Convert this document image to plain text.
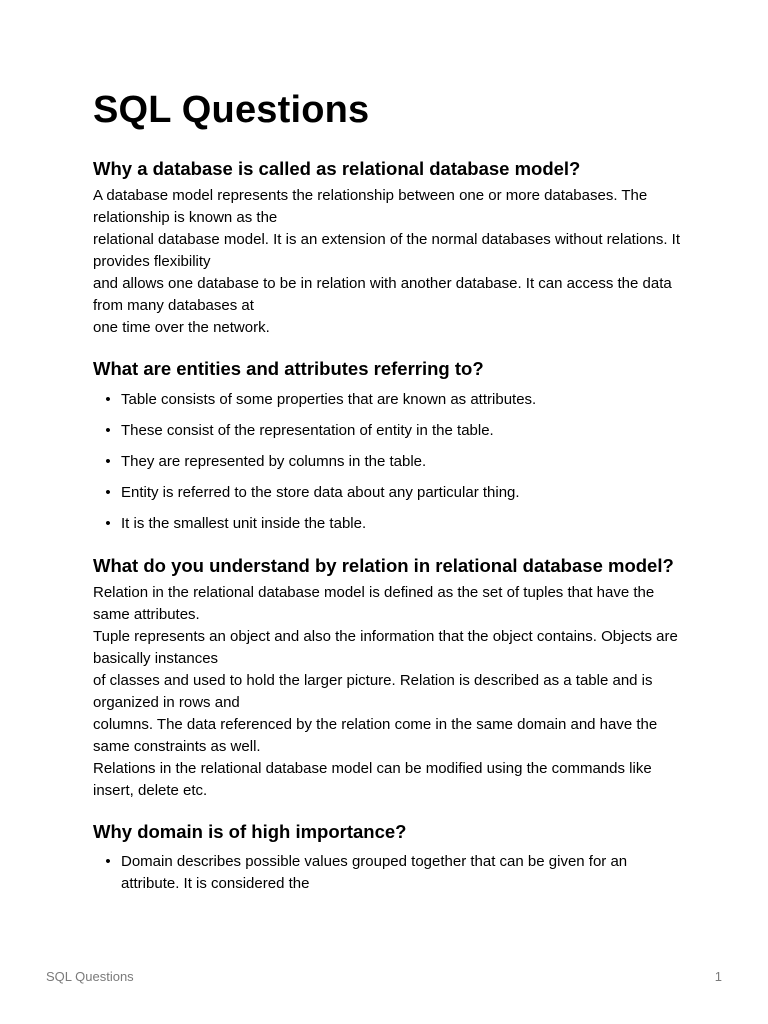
SQL Questions
Why a database is called as relational database model?

A database model represents the relationship between one or more databases. The relationship is known as the

relational database model. It is an extension of the normal databases without relations. It provides flexibility

and allows one database to be in relation with another database. It can access the data from many databases at

one time over the network.

What are entities and attributes referring to?
• Table consists of some properties that are known as attributes.
• These consist of the representation of entity in the table.
• They are represented by columns in the table.
• Entity is referred to the store data about any particular thing.
• It is the smallest unit inside the table.
What do you understand by relation in relational database model?

Relation in the relational database model is defined as the set of tuples that have the same attributes.

Tuple represents an object and also the information that the object contains. Objects are basically instances

of classes and used to hold the larger picture. Relation is described as a table and is organized in rows and

columns. The data referenced by the relation come in the same domain and have the same constraints as well.

Relations in the relational database model can be modified using the commands like insert, delete etc.

Why domain is of high importance?
• Domain describes possible values grouped together that can be given for an attribute. It is considered the
SQL Questions	1
